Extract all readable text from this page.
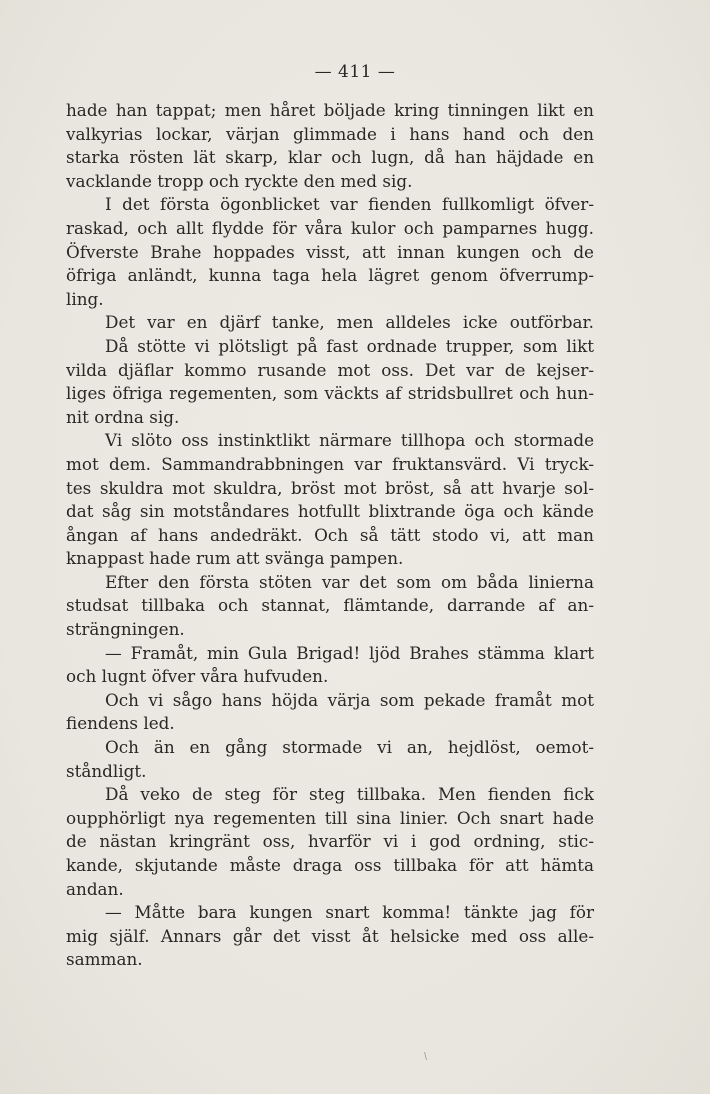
— 411 —
hade han tappat; men håret böljade kring tinningen likt en
valkyrias lockar, värjan glimmade i hans hand och den
starka rösten lät skarp, klar och lugn, då han häjdade en
vacklande tropp och ryckte den med sig.
I det första ögonblicket var fienden fullkomligt öfver-
raskad, och allt flydde för våra kulor och pamparnes hugg.
Öfverste Brahe hoppades visst, att innan kungen och de
öfriga anländt, kunna taga hela lägret genom öfverrump-
ling.
Det var en djärf tanke, men alldeles icke outförbar.
Då stötte vi plötsligt på fast ordnade trupper, som likt
vilda djäflar kommo rusande mot oss. Det var de kejser-
liges öfriga regementen, som väckts af stridsbullret och hun-
nit ordna sig.
Vi slöto oss instinktlikt närmare tillhopa och stormade
mot dem. Sammandrabbningen var fruktansvärd. Vi tryck-
tes skuldra mot skuldra, bröst mot bröst, så att hvarje sol-
dat såg sin motståndares hotfullt blixtrande öga och kände
ångan af hans andedräkt. Och så tätt stodo vi, att man
knappast hade rum att svänga pampen.
Efter den första stöten var det som om båda linierna
studsat tillbaka och stannat, flämtande, darrande af an-
strängningen.
— Framåt, min Gula Brigad! ljöd Brahes stämma klart
och lugnt öfver våra hufvuden.
Och vi sågo hans höjda värja som pekade framåt mot
fiendens led.
Och än en gång stormade vi an, hejdlöst, oemot-
ståndligt.
Då veko de steg för steg tillbaka. Men fienden fick
oupphörligt nya regementen till sina linier. Och snart hade
de nästan kringränt oss, hvarför vi i god ordning, stic-
kande, skjutande måste draga oss tillbaka för att hämta
andan.
— Måtte bara kungen snart komma! tänkte jag för
mig själf. Annars går det visst åt helsicke med oss alle-
samman.
